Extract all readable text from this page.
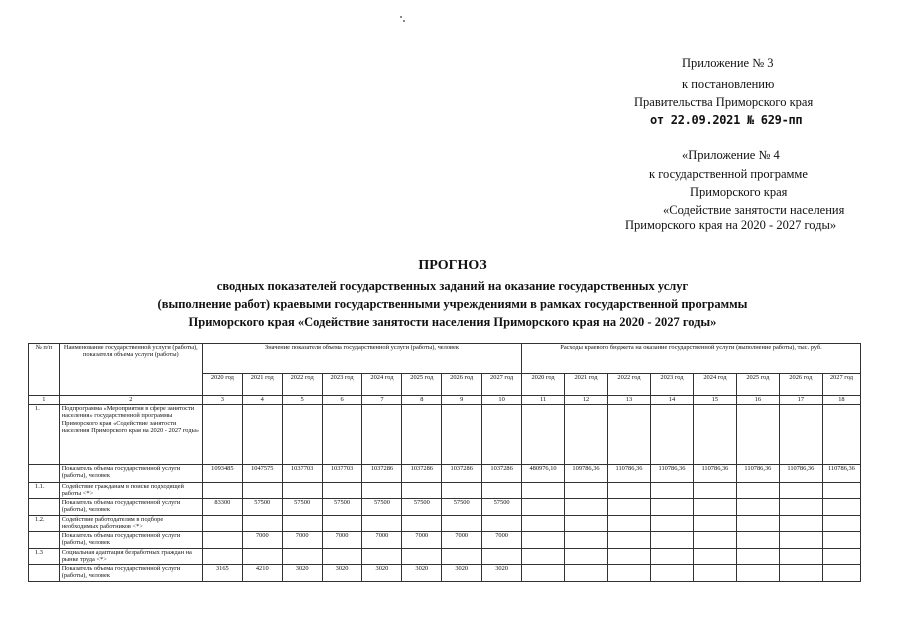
Приложение № 3
к постановлению
Правительства Приморского края
от 22.09.2021 № 629-пп
«Приложение № 4
к государственной программе
Приморского края
«Содействие занятости населения
Приморского края на 2020 - 2027 годы»
ПРОГНОЗ
сводных показателей государственных заданий на оказание государственных услуг
(выполнение работ) краевыми государственными учреждениями в рамках государственной программы
Приморского края «Содействие занятости населения Приморского края на 2020 - 2027 годы»
№ п/п	Наименование государственной услуги (работы), показателя объема услуги (работы)	Значение показателя объема государственной услуги (работы), человек								Расходы краевого бюджета на оказание государственной услуги (выполнение работы), тыс. руб.							
		2020 год	2021 год	2022 год	2023 год	2024 год	2025 год	2026 год	2027 год	2020 год	2021 год	2022 год	2023 год	2024 год	2025 год	2026 год	2027 год
1	2	3	4	5	6	7	8	9	10	11	12	13	14	15	16	17	18
1.	Подпрограмма «Мероприятия в сфере занятости населения» государственной программы Приморского края «Содействие занятости населения Приморского края на 2020 - 2027 годы»																
	Показатель объема государственной услуги (работы), человек	1093485	1047575	1037703	1037703	1037286	1037286	1037286	1037286	480976,10	109786,36	110786,36	110786,36	110786,36	110786,36	110786,36	110786,36
1.1.	Содействие гражданам в поиске подходящей работы <*>																
	Показатель объема государственной услуги (работы), человек	83300	57500	57500	57500	57500	57500	57500	57500								
1.2.	Содействие работодателям в подборе необходимых работников <*>																
	Показатель объема государственной услуги (работы), человек		7000	7000	7000	7000	7000	7000	7000								
1.3	Социальная адаптация безработных граждан на рынке труда <*>																
	Показатель объема государственной услуги (работы), человек	3165	4210	3020	3020	3020	3020	3020	3020								
